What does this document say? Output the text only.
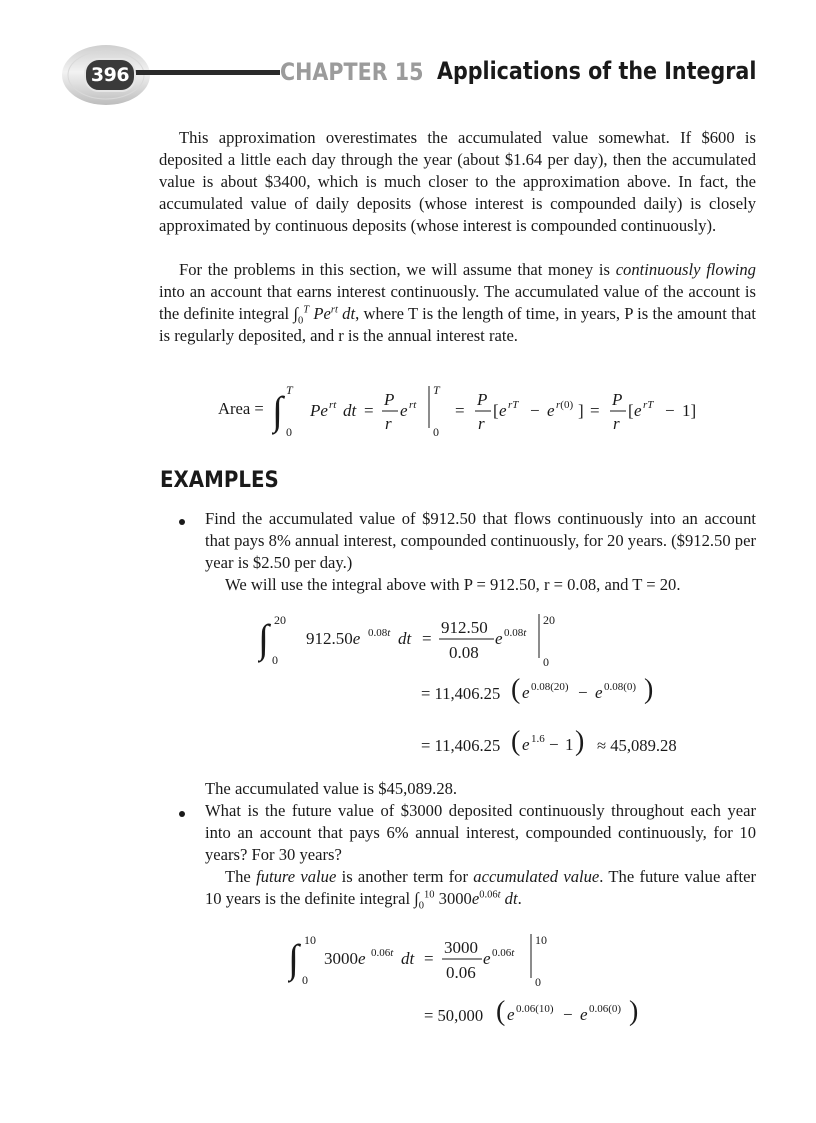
396	CHAPTER 15 Applications of the Integral
This approximation overestimates the accumulated value somewhat. If $600 is deposited a little each day through the year (about $1.64 per day), then the accumulated value is about $3400, which is much closer to the approximation above. In fact, the accumulated value of daily deposits (whose interest is compounded daily) is closely approximated by continuous deposits (whose interest is compounded continuously).
For the problems in this section, we will assume that money is continuously flowing into an account that earns interest continuously. The accumulated value of the account is the definite integral $\int_0^T$ $Pe^{rt}$ dt, where T is the length of time, in years, P is the amount that is regularly deposited, and r is the annual interest rate.
Area = ∫ T
0
Pe rt dt =
P
r
e rt
T
0
=
P
r
[ e rT − e r(0) ] =
P
r
[ e rT − 1]
EXAMPLES
Find the accumulated value of $912.50 that flows continuously into an account that pays 8% annual interest, compounded continuously, for 20 years. ($912.50 per year is $2.50 per day.)
We will use the integral above with P = 912.50, r = 0.08, and T = 20.
∫ 20
0
912.50e 0.08t dt =
912.50
0.08
e 0.08t
20
0
= 11,406.25 ( e 0.08(20) − e 0.08(0) )
= 11,406.25 ( e 1.6 − 1 ) ≈ 45,089.28
The accumulated value is $45,089.28.
What is the future value of $3000 deposited continuously throughout each year into an account that pays 6% annual interest, compounded continuously, for 10 years? For 30 years?
The future value is another term for accumulated value. The future value after 10 years is the definite integral $\int_0^{10}$ $3000e^{0.06t}$ dt.
∫ 10
0
3000e 0.06t dt =
3000
0.06
e 0.06t
10
0
= 50,000 ( e 0.06(10) − e 0.06(0) )
